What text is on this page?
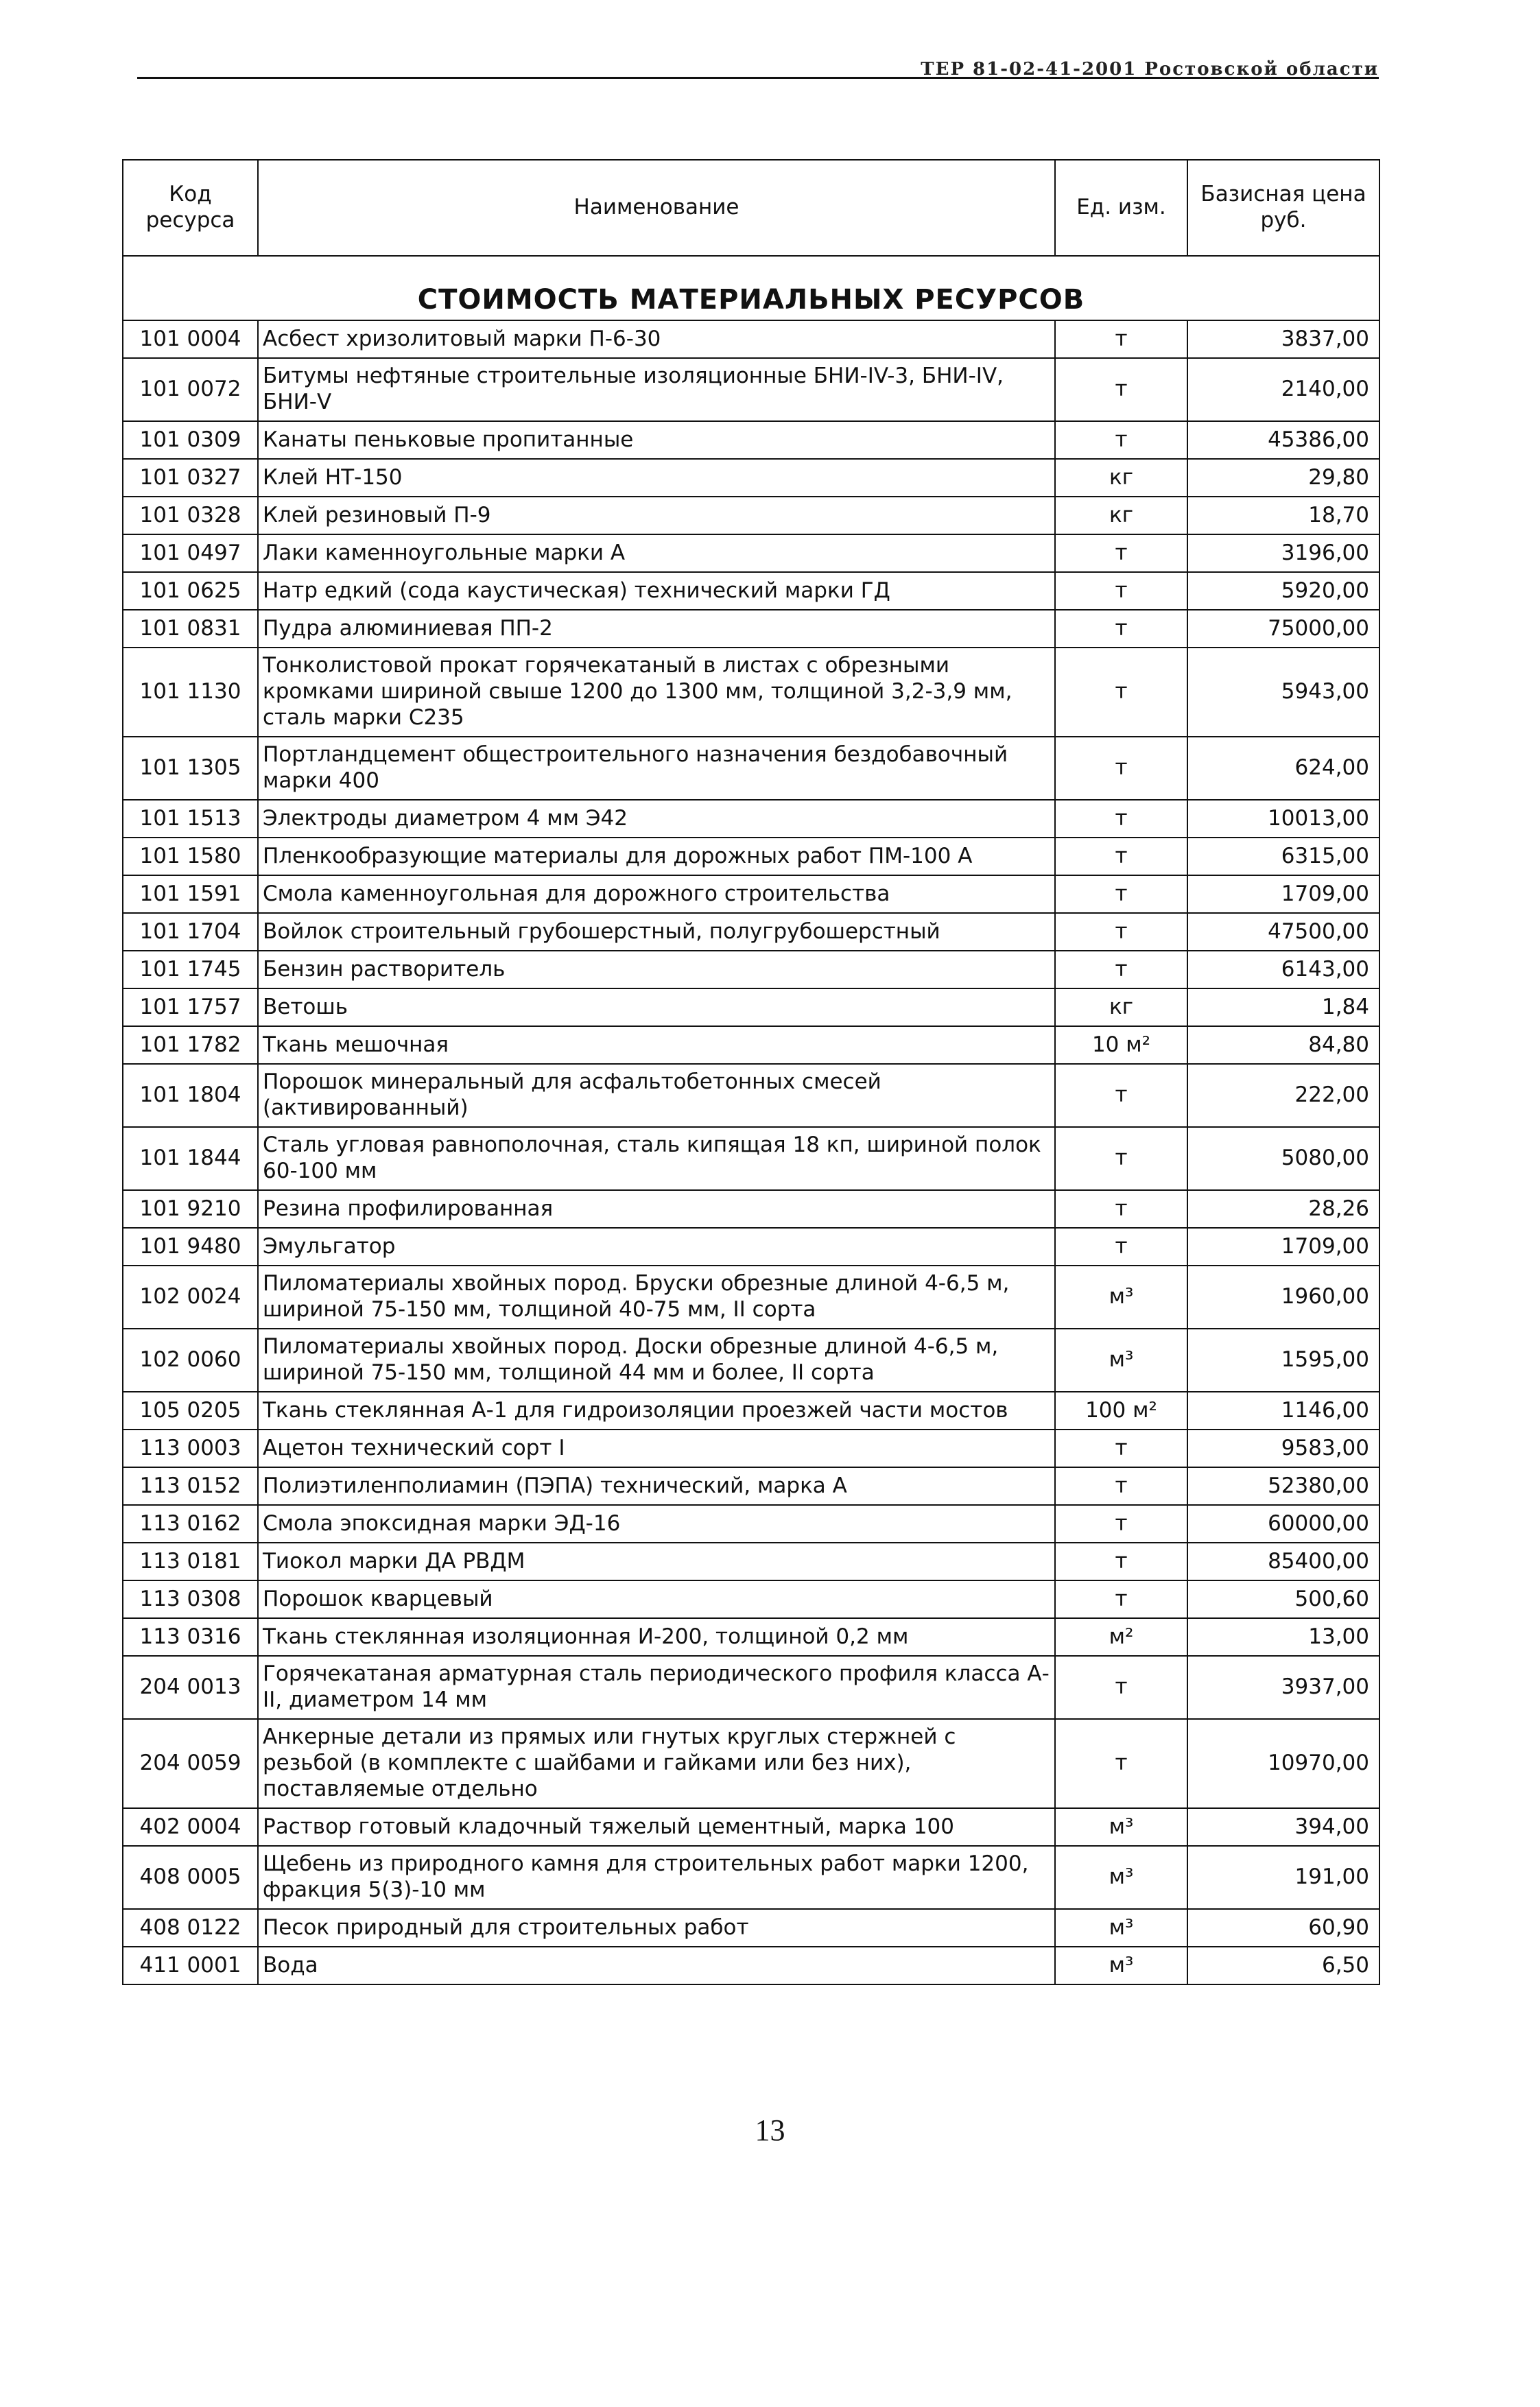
ТЕР 81-02-41-2001 Ростовской области
Код ресурса	Наименование	Ед. изм.	Базисная цена руб.
СТОИМОСТЬ МАТЕРИАЛЬНЫХ РЕСУРСОВ			
101 0004	Асбест хризолитовый марки П-6-30	т	3837,00
101 0072	Битумы нефтяные строительные изоляционные БНИ-IV-3, БНИ-IV, БНИ-V	т	2140,00
101 0309	Канаты пеньковые пропитанные	т	45386,00
101 0327	Клей НТ-150	кг	29,80
101 0328	Клей резиновый П-9	кг	18,70
101 0497	Лаки каменноугольные марки А	т	3196,00
101 0625	Натр едкий (сода каустическая) технический марки ГД	т	5920,00
101 0831	Пудра алюминиевая ПП-2	т	75000,00
101 1130	Тонколистовой прокат горячекатаный в листах с обрезными кромками шириной свыше 1200 до 1300 мм, толщиной 3,2-3,9 мм, сталь марки С235	т	5943,00
101 1305	Портландцемент общестроительного назначения бездобавочный марки 400	т	624,00
101 1513	Электроды диаметром 4 мм Э42	т	10013,00
101 1580	Пленкообразующие материалы для дорожных работ ПМ-100 А	т	6315,00
101 1591	Смола каменноугольная для дорожного строительства	т	1709,00
101 1704	Войлок строительный грубошерстный, полугрубошерстный	т	47500,00
101 1745	Бензин растворитель	т	6143,00
101 1757	Ветошь	кг	1,84
101 1782	Ткань мешочная	10 м²	84,80
101 1804	Порошок минеральный для асфальтобетонных смесей (активированный)	т	222,00
101 1844	Сталь угловая равнополочная, сталь кипящая 18 кп, шириной полок 60-100 мм	т	5080,00
101 9210	Резина профилированная	т	28,26
101 9480	Эмульгатор	т	1709,00
102 0024	Пиломатериалы хвойных пород. Бруски обрезные длиной 4-6,5 м, шириной 75-150 мм, толщиной 40-75 мм, II сорта	м³	1960,00
102 0060	Пиломатериалы хвойных пород. Доски обрезные длиной 4-6,5 м, шириной 75-150 мм, толщиной 44 мм и более, II сорта	м³	1595,00
105 0205	Ткань стеклянная А-1 для гидроизоляции проезжей части мостов	100 м²	1146,00
113 0003	Ацетон технический сорт I	т	9583,00
113 0152	Полиэтиленполиамин (ПЭПА) технический, марка А	т	52380,00
113 0162	Смола эпоксидная марки ЭД-16	т	60000,00
113 0181	Тиокол марки ДА РВДМ	т	85400,00
113 0308	Порошок кварцевый	т	500,60
113 0316	Ткань стеклянная изоляционная И-200, толщиной 0,2 мм	м²	13,00
204 0013	Горячекатаная арматурная сталь периодического профиля класса А-II, диаметром 14 мм	т	3937,00
204 0059	Анкерные детали из прямых или гнутых круглых стержней с резьбой (в комплекте с шайбами и гайками или без них), поставляемые отдельно	т	10970,00
402 0004	Раствор готовый кладочный тяжелый цементный, марка 100	м³	394,00
408 0005	Щебень из природного камня для строительных работ марки 1200, фракция 5(3)-10 мм	м³	191,00
408 0122	Песок природный для строительных работ	м³	60,90
411 0001	Вода	м³	6,50
13
